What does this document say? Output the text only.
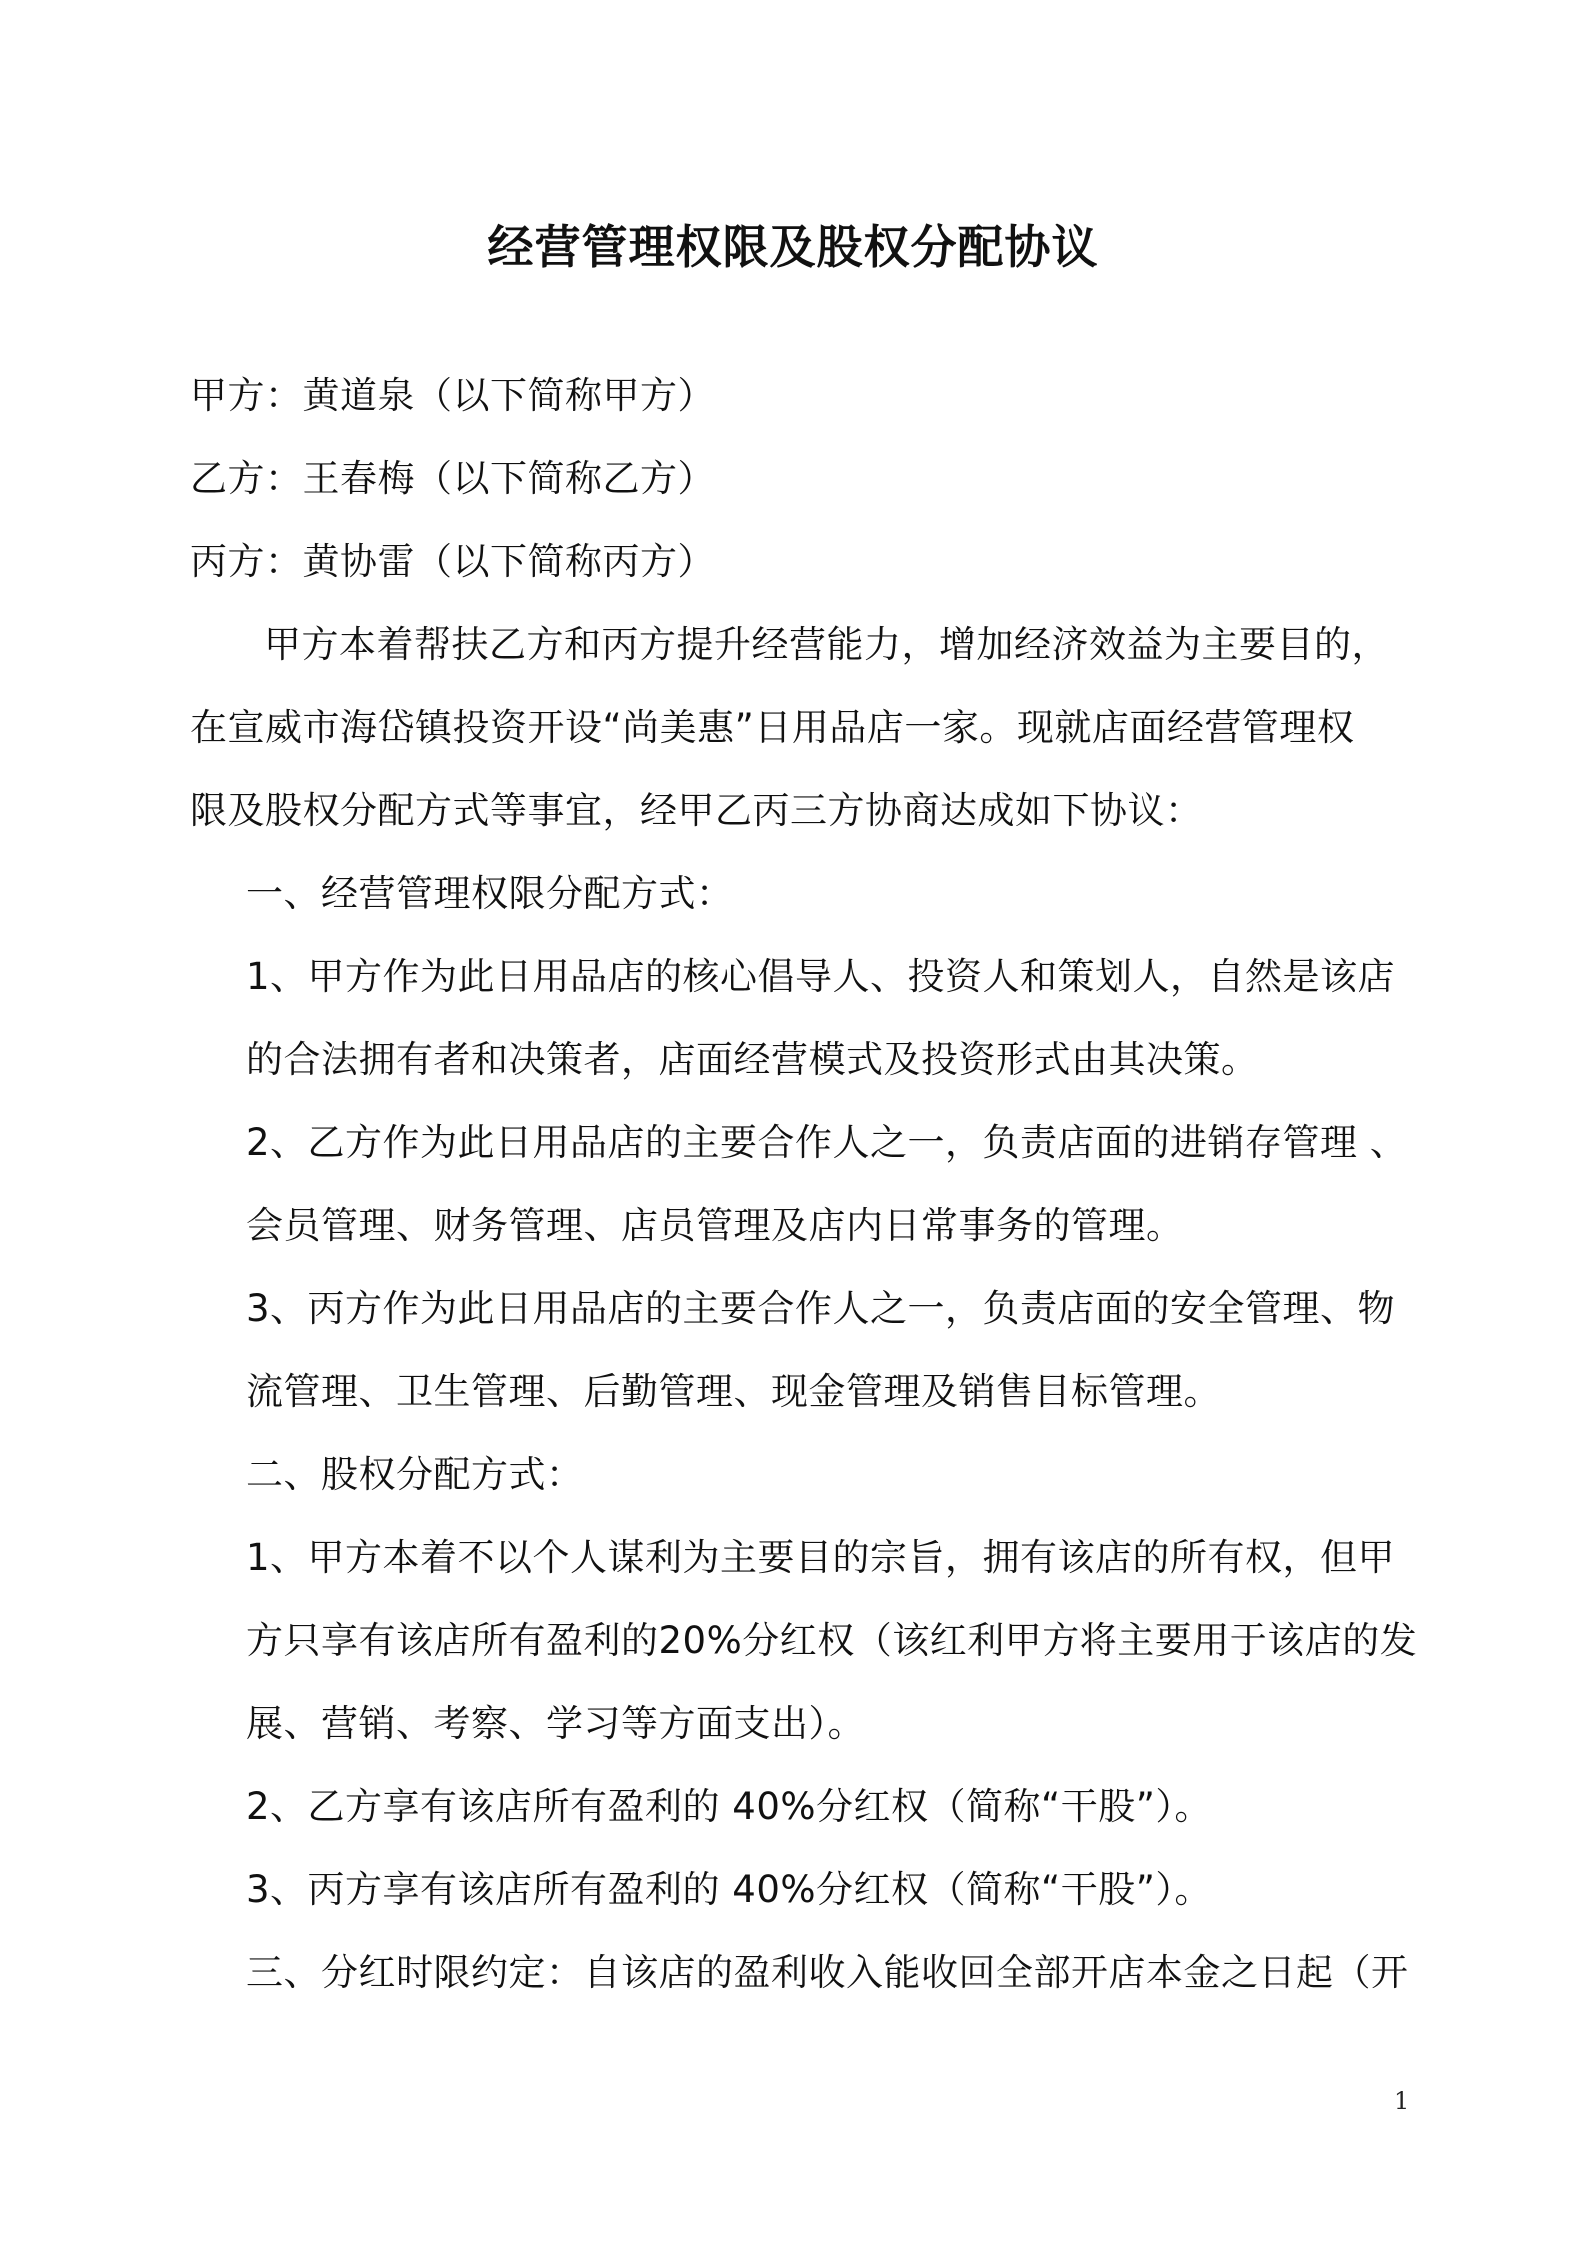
经营管理权限及股权分配协议
甲方：黄道泉（以下简称甲方）
乙方：王春梅（以下简称乙方）
丙方：黄协雷（以下简称丙方）
甲方本着帮扶乙方和丙方提升经营能力，增加经济效益为主要目的，
在宣威市海岱镇投资开设“尚美惠”日用品店一家。现就店面经营管理权
限及股权分配方式等事宜，经甲乙丙三方协商达成如下协议：
一、经营管理权限分配方式：
1、甲方作为此日用品店的核心倡导人、投资人和策划人，自然是该店
的合法拥有者和决策者，店面经营模式及投资形式由其决策。
2、乙方作为此日用品店的主要合作人之一，负责店面的进销存管理 、
会员管理、财务管理、店员管理及店内日常事务的管理。
3、丙方作为此日用品店的主要合作人之一，负责店面的安全管理、物
流管理、卫生管理、后勤管理、现金管理及销售目标管理。
二、股权分配方式：
1、甲方本着不以个人谋利为主要目的宗旨，拥有该店的所有权，但甲
方只享有该店所有盈利的20%分红权（该红利甲方将主要用于该店的发
展、营销、考察、学习等方面支出）。
2、乙方享有该店所有盈利的 40%分红权（简称“干股”）。
3、丙方享有该店所有盈利的 40%分红权（简称“干股”）。
三、分红时限约定：自该店的盈利收入能收回全部开店本金之日起（开
1
